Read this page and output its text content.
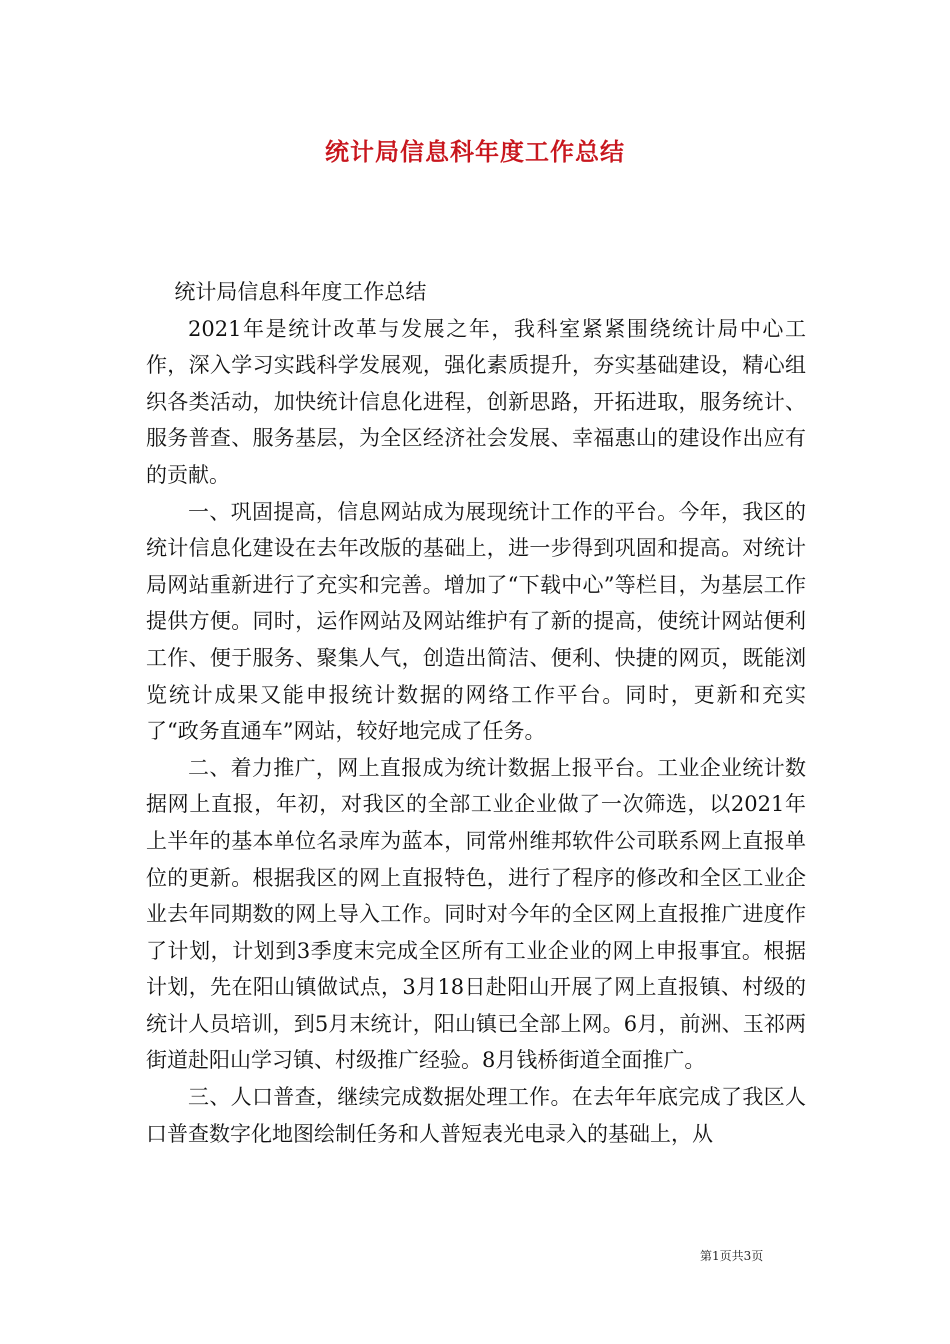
统计局信息科年度工作总结

统计局信息科年度工作总结

2021年是统计改革与发展之年，我科室紧紧围绕统计局中心工作，深入学习实践科学发展观，强化素质提升，夯实基础建设，精心组织各类活动，加快统计信息化进程，创新思路，开拓进取，服务统计、服务普查、服务基层，为全区经济社会发展、幸福惠山的建设作出应有的贡献。

一、巩固提高，信息网站成为展现统计工作的平台。今年，我区的统计信息化建设在去年改版的基础上，进一步得到巩固和提高。对统计局网站重新进行了充实和完善。增加了“下载中心”等栏目，为基层工作提供方便。同时，运作网站及网站维护有了新的提高，使统计网站便利工作、便于服务、聚集人气，创造出简洁、便利、快捷的网页，既能浏览统计成果又能申报统计数据的网络工作平台。同时，更新和充实了“政务直通车”网站，较好地完成了任务。

二、着力推广，网上直报成为统计数据上报平台。工业企业统计数据网上直报，年初，对我区的全部工业企业做了一次筛选，以2021年上半年的基本单位名录库为蓝本，同常州维邦软件公司联系网上直报单位的更新。根据我区的网上直报特色，进行了程序的修改和全区工业企业去年同期数的网上导入工作。同时对今年的全区网上直报推广进度作了计划，计划到3季度末完成全区所有工业企业的网上申报事宜。根据计划，先在阳山镇做试点，3月18日赴阳山开展了网上直报镇、村级的统计人员培训，到5月末统计，阳山镇已全部上网。6月，前洲、玉祁两街道赴阳山学习镇、村级推广经验。8月钱桥街道全面推广。

三、人口普查，继续完成数据处理工作。在去年年底完成了我区人口普查数字化地图绘制任务和人普短表光电录入的基础上，从

第1页共3页
